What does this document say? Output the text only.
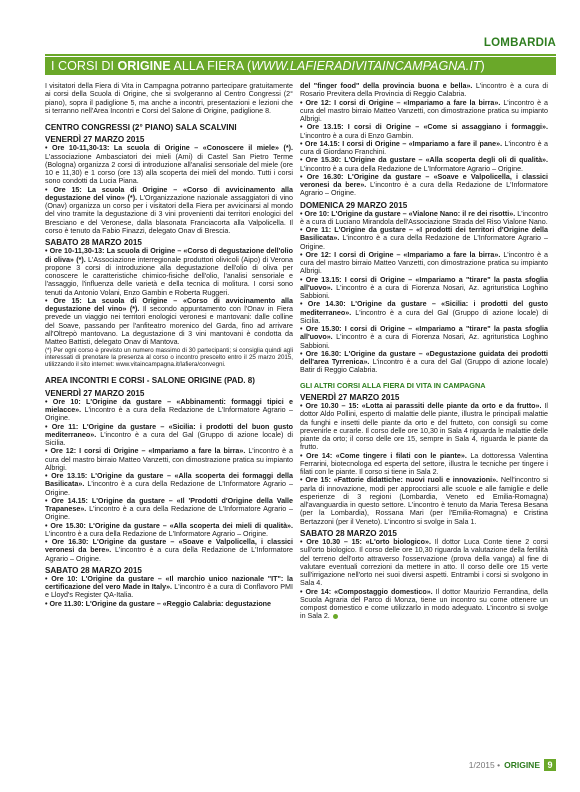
LOMBARDIA
I CORSI DI ORIGINE ALLA FIERA (WWW.LAFIERADIVITAINCAMPAGNA.IT)

I visitatori della Fiera di Vita in Campagna potranno partecipare gratuitamente ai corsi della Scuola di Origine, che si svolgeranno al Centro Congressi (2° piano), sopra il padiglione 5, ma anche a incontri, presentazioni e lezioni che si terranno nell'Area Incontri e Corsi del Salone di Origine, padiglione 8.

CENTRO CONGRESSI (2° PIANO) SALA SCALVINI
VENERDÌ 27 MARZO 2015

• Ore 10-11,30-13: La scuola di Origine – «Conoscere il miele» (*). L'associazione Ambasciatori dei mieli (Ami) di Castel San Pietro Terme (Bologna) organizza 2 corsi di introduzione all'analisi sensoriale del miele (ore 10 e 11,30) e 1 corso (ore 13) alla scoperta dei mieli del mondo. Tutti i corsi sono condotti da Lucia Piana.

• Ore 15: La scuola di Origine – «Corso di avvicinamento alla degustazione del vino» (*). L'Organizzazione nazionale assaggiatori di vino (Onav) organizza un corso per i visitatori della Fiera per avvicinarsi al mondo del vino tramite la degustazione di 3 vini provenienti dai territori enologici del Bresciano e del Veronese, dalla blasonata Franciacorta alla Valpolicella. Il corso è tenuto da Fabio Finazzi, delegato Onav di Brescia.

SABATO 28 MARZO 2015

• Ore 10-11,30-13: La scuola di Origine – «Corso di degustazione dell'olio di oliva» (*). L'Associazione interregionale produttori olivicoli (Aipo) di Verona propone 3 corsi di introduzione alla degustazione dell'olio di oliva per conoscere le caratteristiche chimico-fisiche dell'olio, l'analisi sensoriale e l'assaggio, l'influenza delle varietà e della tecnica di molitura. I corsi sono tenuti da Antonio Volani, Enzo Gambin e Roberta Ruggeri.

• Ore 15: La scuola di Origine – «Corso di avvicinamento alla degustazione del vino» (*). Il secondo appuntamento con l'Onav in Fiera prevede un viaggio nei territori enologici veronesi e mantovani: dalle colline del Soave, passando per l'anfiteatro morenico del Garda, fino ad arrivare all'Oltrepò mantovano. La degustazione di 3 vini mantovani è condotta da Matteo Battisti, delegato Onav di Mantova.

(*) Per ogni corso è previsto un numero massimo di 30 partecipanti; si consiglia quindi agli interessati di prenotare la presenza al corso o incontro prescelto entro il 25 marzo 2015, utilizzando il sito internet: www.vitaincampagna.it/lafiera/convegni.

AREA INCONTRI E CORSI - SALONE ORIGINE (PAD. 8)
VENERDÌ 27 MARZO 2015

• Ore 10: L'Origine da gustare – «Abbinamenti: formaggi tipici e mielacce». L'incontro è a cura della Redazione de L'Informatore Agrario – Origine.

• Ore 11: L'Origine da gustare – «Sicilia: i prodotti del buon gusto mediterraneo». L'incontro è a cura del Gal (Gruppo di azione locale) di Sicilia.

• Ore 12: I corsi di Origine – «Impariamo a fare la birra». L'incontro è a cura del mastro birraio Matteo Vanzetti, con dimostrazione pratica su impianto Albrigi.

• Ore 13.15: L'Origine da gustare – «Alla scoperta dei formaggi della Basilicata». L'incontro è a cura della Redazione de L'Informatore Agrario – Origine.

• Ore 14.15: L'Origine da gustare – «Il 'Prodotti d'Origine della Valle Trapanese». L'incontro è a cura della Redazione de L'Informatore Agrario – Origine.

• Ore 15.30: L'Origine da gustare – «Alla scoperta dei mieli di qualità». L'incontro è a cura della Redazione de L'Informatore Agrario – Origine.

• Ore 16.30: L'Origine da gustare – «Soave e Valpolicella, i classici veronesi da bere». L'incontro è a cura della Redazione de L'Informatore Agrario – Origine.

SABATO 28 MARZO 2015

• Ore 10: L'Origine da gustare – «Il marchio unico nazionale "IT": la certificazione del vero Made in Italy». L'incontro è a cura di Conflavoro PMI e Lloyd's Register QA-Italia.

• Ore 11.30: L'Origine da gustare – «Reggio Calabria: degustazione

del "finger food" della provincia buona e bella». L'incontro è a cura di Rosario Previtera della Provincia di Reggio Calabria.

• Ore 12: I corsi di Origine – «Impariamo a fare la birra». L'incontro è a cura del mastro birraio Matteo Vanzetti, con dimostrazione pratica su impianto Albrigi.

• Ore 13.15: I corsi di Origine – «Come si assaggiano i formaggi». L'incontro è a cura di Enzo Gambin.

• Ore 14.15: I corsi di Origine – «Impariamo a fare il pane». L'incontro è a cura di Giordano Franchini.

• Ore 15.30: L'Origine da gustare – «Alla scoperta degli oli di qualità». L'incontro è a cura della Redazione de L'Informatore Agrario – Origine.

• Ore 16.30: L'Origine da gustare – «Soave e Valpolicella, i classici veronesi da bere». L'incontro è a cura della Redazione de L'Informatore Agrario – Origine.

DOMENICA 29 MARZO 2015

• Ore 10: L'Origine da gustare – «Vialone Nano: il re dei risotti». L'incontro è a cura di Luciano Mirandola dell'Associazione Strada del Riso Vialone Nano.

• Ore 11: L'Origine da gustare – «I prodotti dei territori d'Origine della Basilicata». L'incontro è a cura della Redazione de L'Informatore Agrario – Origine.

• Ore 12: I corsi di Origine – «Impariamo a fare la birra». L'incontro è a cura del mastro birraio Matteo Vanzetti, con dimostrazione pratica su impianto Albrigi.

• Ore 13.15: I corsi di Origine – «Impariamo a "tirare" la pasta sfoglia all'uovo». L'incontro è a cura di Fiorenza Nosari, Az. agrituristica Loghino Sabbioni.

• Ore 14.30: L'Origine da gustare – «Sicilia: i prodotti del gusto mediterraneo». L'incontro è a cura del Gal (Gruppo di azione locale) di Sicilia.

• Ore 15.30: I corsi di Origine – «Impariamo a "tirare" la pasta sfoglia all'uovo». L'incontro è a cura di Fiorenza Nosari, Az. agrituristica Loghino Sabbioni.

• Ore 16.30: L'Origine da gustare – «Degustazione guidata dei prodotti dell'area Tyrrenica». L'incontro è a cura del Gal (Gruppo di azione locale) Batir di Reggio Calabria.

GLI ALTRI CORSI ALLA FIERA DI VITA IN CAMPAGNA
VENERDÌ 27 MARZO 2015

• Ore 10.30 – 15: «Lotta ai parassiti delle piante da orto e da frutto». Il dottor Aldo Pollini, esperto di malattie delle piante, illustra le principali malattie da funghi e insetti delle piante da orto e del frutteto, con consigli su come prevenirle e curarle. Il corso delle ore 10,30 in Sala 4 riguarda le malattie delle piante da orto; il corso delle ore 15, sempre in Sala 4, riguarda le piante da frutto.

• Ore 14: «Come tingere i filati con le piante». La dottoressa Valentina Ferrarini, biotecnologa ed esperta del settore, illustra le tecniche per tingere i filati con le piante. Il corso si tiene in Sala 2.

• Ore 15: «Fattorie didattiche: nuovi ruoli e innovazioni». Nell'incontro si parla di innovazione, modi per approcciarsi alle scuole e alle famiglie e delle esperienze di 3 regioni (Lombardia, Veneto ed Emilia-Romagna) all'avanguardia in questo settore. L'incontro è tenuto da Maria Teresa Besana (per la Lombardia), Rossana Mari (per l'Emilia-Romagna) e Cristina Bertazzoni (per il Veneto). L'incontro si svolge in Sala 1.

SABATO 28 MARZO 2015

• Ore 10.30 – 15: «L'orto biologico». Il dottor Luca Conte tiene 2 corsi sull'orto biologico. Il corso delle ore 10,30 riguarda la valutazione della fertilità del terreno dell'orto attraverso l'osservazione (prova della vanga) al fine di valutare eventuali correzioni da mettere in atto. Il corso delle ore 15 verte sull'irrigazione nell'orto nei suoi diversi aspetti. Entrambi i corsi si svolgono in Sala 4.

• Ore 14: «Compostaggio domestico». Il dottor Maurizio Ferrandina, della Scuola Agraria del Parco di Monza, tiene un incontro su come ottenere un compost domestico e come utilizzarlo in modo adeguato. L'incontro si svolge in Sala 2.

1/2015 • ORIGINE 9
